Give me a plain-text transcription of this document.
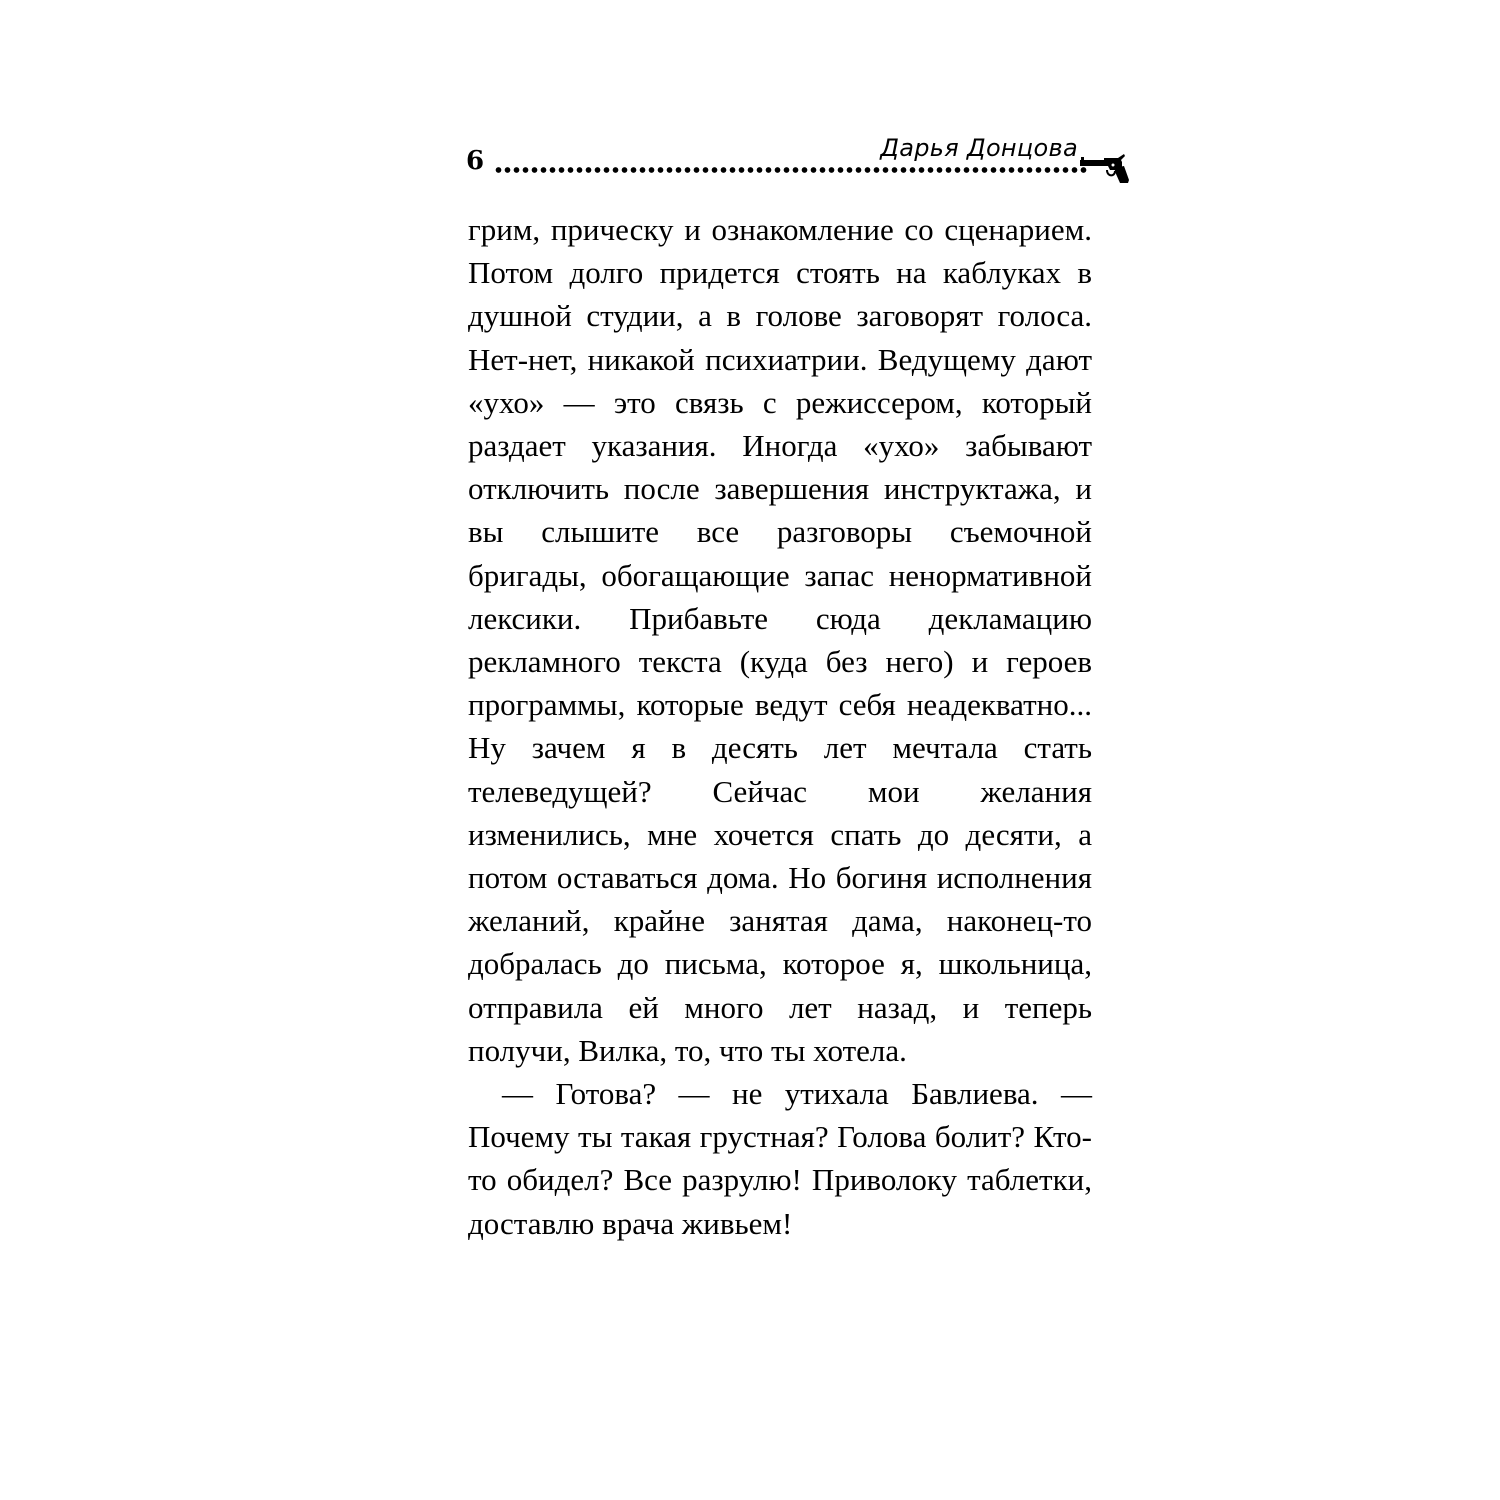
6	Дарья Донцова

грим, прическу и ознакомление со сценарием. Потом долго придется стоять на каблуках в душной студии, а в голове заговорят голоса. Нет-нет, никакой психиатрии. Ведущему дают «ухо» — это связь с режиссером, который раздает указания. Иногда «ухо» забывают отключить после завершения инструктажа, и вы слышите все разговоры съемочной бригады, обогащающие запас ненормативной лексики. Прибавьте сюда декламацию рекламного текста (куда без него) и героев программы, которые ведут себя неадекватно... Ну зачем я в десять лет мечтала стать телеведущей? Сейчас мои желания изменились, мне хочется спать до десяти, а потом оставаться дома. Но богиня исполнения желаний, крайне занятая дама, наконец-то добралась до письма, которое я, школьница, отправила ей много лет назад, и теперь получи, Вилка, то, что ты хотела.

— Готова? — не утихала Бавлиева. — Почему ты такая грустная? Голова болит? Кто-то обидел? Все разрулю! Приволоку таблетки, доставлю врача живьем!
